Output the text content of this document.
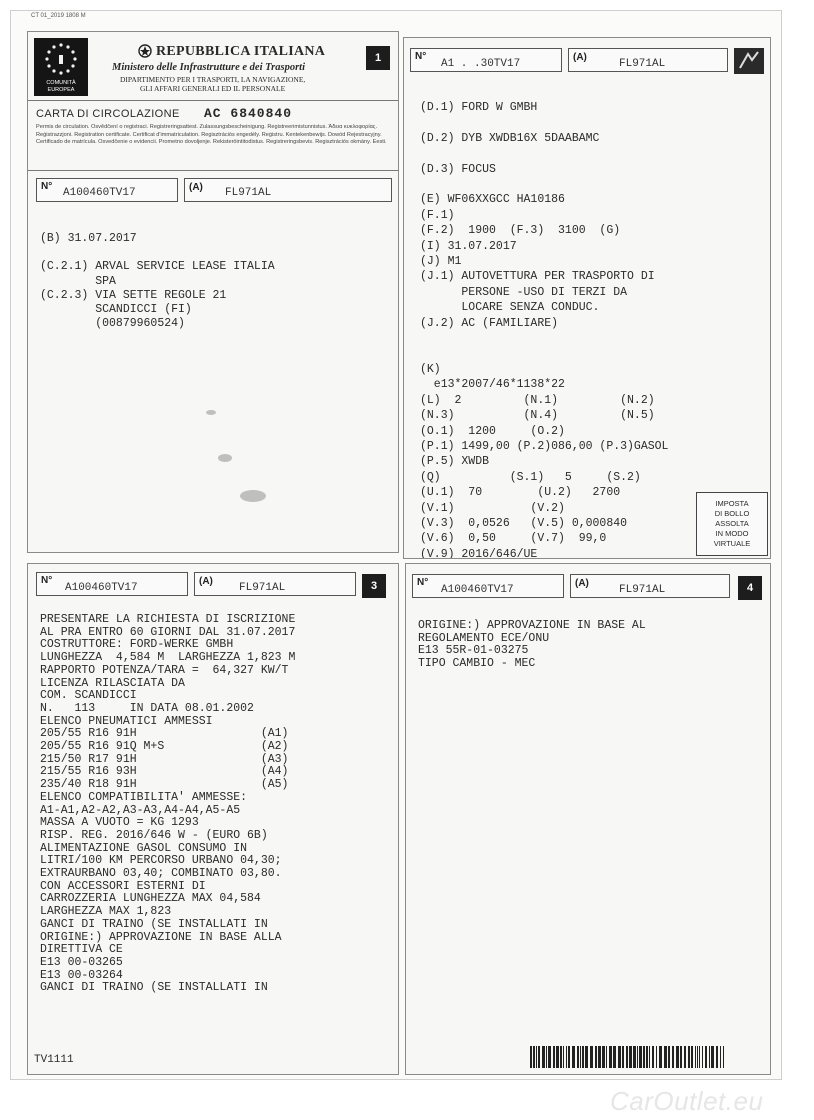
CT 01_2019 1808 M
COMUNITÀ EUROPEA
REPUBBLICA ITALIANA
Ministero delle Infrastrutture e dei Trasporti
DIPARTIMENTO PER I TRASPORTI, LA NAVIGAZIONE,
GLI AFFARI GENERALI ED IL PERSONALE
1
CARTA DI CIRCOLAZIONE AC 6840840
Permis de circulation. Osvědčení o registraci. Registreringsattest. Zulassungsbescheinigung. Registreerimistunnistus. Άδεια κυκλοφορίας. Reġistrazzjoni. Registration certificate. Certificat d'immatriculation. Regisztrációs engedély. Reġistru. Kentekenbewijs. Dowód Rejestracyjny. Certificado de matrícula. Osvedčenie o evidencii. Prometno dovoljenje. Rekisteröintitodistus. Registreringsbevis. Regisztrációs okmány. Eesti.
N°
A100460TV17	(A) FL971AL
(B) 31.07.2017

(C.2.1) ARVAL SERVICE LEASE ITALIA
SPA
(C.2.3) VIA SETTE REGOLE 21
SCANDICCI (FI)
(00879960524)
N°
A1 . .30TV17
(A)
FL971AL
(D.1) FORD W GMBH

(D.2) DYB XWDB16X 5DAABAMC

(D.3) FOCUS

(E) WF06XXGCC HA10186
(F.1)
(F.2)  1900  (F.3)  3100  (G)
(I) 31.07.2017
(J) M1
(J.1) AUTOVETTURA PER TRASPORTO DI
PERSONE -USO DI TERZI DA
LOCARE SENZA CONDUC.
(J.2) AC (FAMILIARE)

(K)
e13*2007/46*1138*22
(L)  2         (N.1)         (N.2)
(N.3)          (N.4)         (N.5)
(O.1)  1200     (O.2)
(P.1) 1499,00 (P.2)086,00 (P.3)GASOL
(P.5) XWDB
(Q)          (S.1)   5     (S.2)
(U.1)  70        (U.2)   2700
(V.1)           (V.2)
(V.3)  0,0526   (V.5) 0,000840
(V.6)  0,50     (V.7)  99,0
(V.9) 2016/646/UE
IMPOSTA
DI BOLLO
ASSOLTA
IN MODO
VIRTUALE
N°
A100460TV17
(A)
FL971AL	3
PRESENTARE LA RICHIESTA DI ISCRIZIONE
AL PRA ENTRO 60 GIORNI DAL 31.07.2017
COSTRUTTORE: FORD-WERKE GMBH
LUNGHEZZA  4,584 M  LARGHEZZA 1,823 M
RAPPORTO POTENZA/TARA =  64,327 KW/T
LICENZA RILASCIATA DA
COM. SCANDICCI
N.   113     IN DATA 08.01.2002
ELENCO PNEUMATICI AMMESSI
205/55 R16 91H                  (A1)
205/55 R16 91Q M+S              (A2)
215/50 R17 91H                  (A3)
215/55 R16 93H                  (A4)
235/40 R18 91H                  (A5)
ELENCO COMPATIBILITA' AMMESSE:
A1-A1,A2-A2,A3-A3,A4-A4,A5-A5
MASSA A VUOTO = KG 1293
RISP. REG. 2016/646 W - (EURO 6B)
ALIMENTAZIONE GASOL CONSUMO IN
LITRI/100 KM PERCORSO URBANO 04,30;
EXTRAURBANO 03,40; COMBINATO 03,80.
CON ACCESSORI ESTERNI DI
CARROZZERIA LUNGHEZZA MAX 04,584
LARGHEZZA MAX 1,823
GANCI DI TRAINO (SE INSTALLATI IN
ORIGINE:) APPROVAZIONE IN BASE ALLA
DIRETTIVA CE
E13 00-03265
E13 00-03264
GANCI DI TRAINO (SE INSTALLATI IN
TV1111
N°
A100460TV17
(A)
FL971AL	4
ORIGINE:) APPROVAZIONE IN BASE AL
REGOLAMENTO ECE/ONU
E13 55R-01-03275
TIPO CAMBIO - MEC
CarOutlet.eu
